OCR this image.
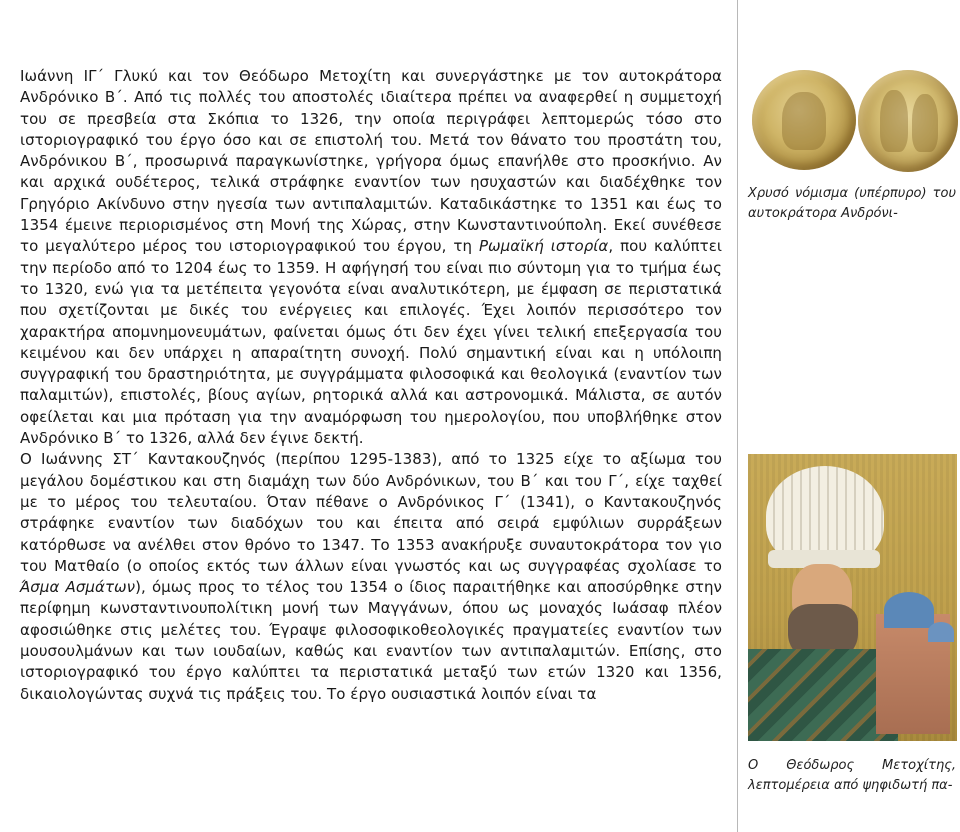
Ιωάννη ΙΓ΄ Γλυκύ και τον Θεόδωρο Μετοχίτη και συνεργάστηκε με τον αυτοκράτορα Ανδρόνικο Β΄. Από τις πολλές του αποστολές ιδιαίτερα πρέπει να αναφερθεί η συμμετοχή του σε πρεσβεία στα Σκόπια το 1326, την οποία περιγράφει λεπτομερώς τόσο στο ιστοριογραφικό του έργο όσο και σε επιστολή του. Μετά τον θάνατο του προστάτη του, Ανδρόνικου Β΄, προσωρινά παραγκωνίστηκε, γρήγορα όμως επανήλθε στο προσκήνιο. Αν και αρχικά ουδέτερος, τελικά στράφηκε εναντίον των ησυχαστών και διαδέχθηκε τον Γρηγόριο Ακίνδυνο στην ηγεσία των αντιπαλαμιτών. Καταδικάστηκε το 1351 και έως το 1354 έμεινε περιορισμένος στη Μονή της Χώρας, στην Κωνσταντινούπολη. Εκεί συνέθεσε το μεγαλύτερο μέρος του ιστοριογραφικού του έργου, τη Ρωμαϊκή ιστορία, που καλύπτει την περίοδο από το 1204 έως το 1359. Η αφήγησή του είναι πιο σύντομη για το τμήμα έως το 1320, ενώ για τα μετέπειτα γεγονότα είναι αναλυτικότερη, με έμφαση σε περιστατικά που σχετίζονται με δικές του ενέργειες και επιλογές. Έχει λοιπόν περισσότερο τον χαρακτήρα απομνημονευμάτων, φαίνεται όμως ότι δεν έχει γίνει τελική επεξεργασία του κειμένου και δεν υπάρχει η απαραίτητη συνοχή. Πολύ σημαντική είναι και η υπόλοιπη συγγραφική του δραστηριότητα, με συγγράμματα φιλοσοφικά και θεολογικά (εναντίον των παλαμιτών), επιστολές, βίους αγίων, ρητορικά αλλά και αστρονομικά. Μάλιστα, σε αυτόν οφείλεται και μια πρόταση για την αναμόρφωση του ημερολογίου, που υποβλήθηκε στον Ανδρόνικο Β΄ το 1326, αλλά δεν έγινε δεκτή.

Ο Ιωάννης ΣΤ΄ Καντακουζηνός (περίπου 1295-1383), από το 1325 είχε το αξίωμα του μεγάλου δομέστικου και στη διαμάχη των δύο Ανδρόνικων, του Β΄ και του Γ΄, είχε ταχθεί με το μέρος του τελευταίου. Όταν πέθανε ο Ανδρόνικος Γ΄ (1341), ο Καντακουζηνός στράφηκε εναντίον των διαδόχων του και έπειτα από σειρά εμφύλιων συρράξεων κατόρθωσε να ανέλθει στον θρόνο το 1347. Το 1353 ανακήρυξε συναυτοκράτορα τον γιο του Ματθαίο (ο οποίος εκτός των άλλων είναι γνωστός και ως συγγραφέας σχολίασε το Άσμα Ασμάτων), όμως προς το τέλος του 1354 ο ίδιος παραιτήθηκε και αποσύρθηκε στην περίφημη κωνσταντινουπολίτικη μονή των Μαγγάνων, όπου ως μοναχός Ιωάσαφ πλέον αφοσιώθηκε στις μελέτες του. Έγραψε φιλοσοφικοθεολογικές πραγματείες εναντίον των μουσουλμάνων και των ιουδαίων, καθώς και εναντίον των αντιπαλαμιτών. Επίσης, στο ιστοριογραφικό του έργο καλύπτει τα περιστατικά μεταξύ των ετών 1320 και 1356, δικαιολογώντας συχνά τις πράξεις του. Το έργο ουσιαστικά λοιπόν είναι τα

Χρυσό νόμισμα (υπέρπυρο) του αυτοκράτορα Ανδρόνι-
Ο Θεόδωρος Μετοχίτης, λεπτομέρεια από ψηφιδωτή πα-
